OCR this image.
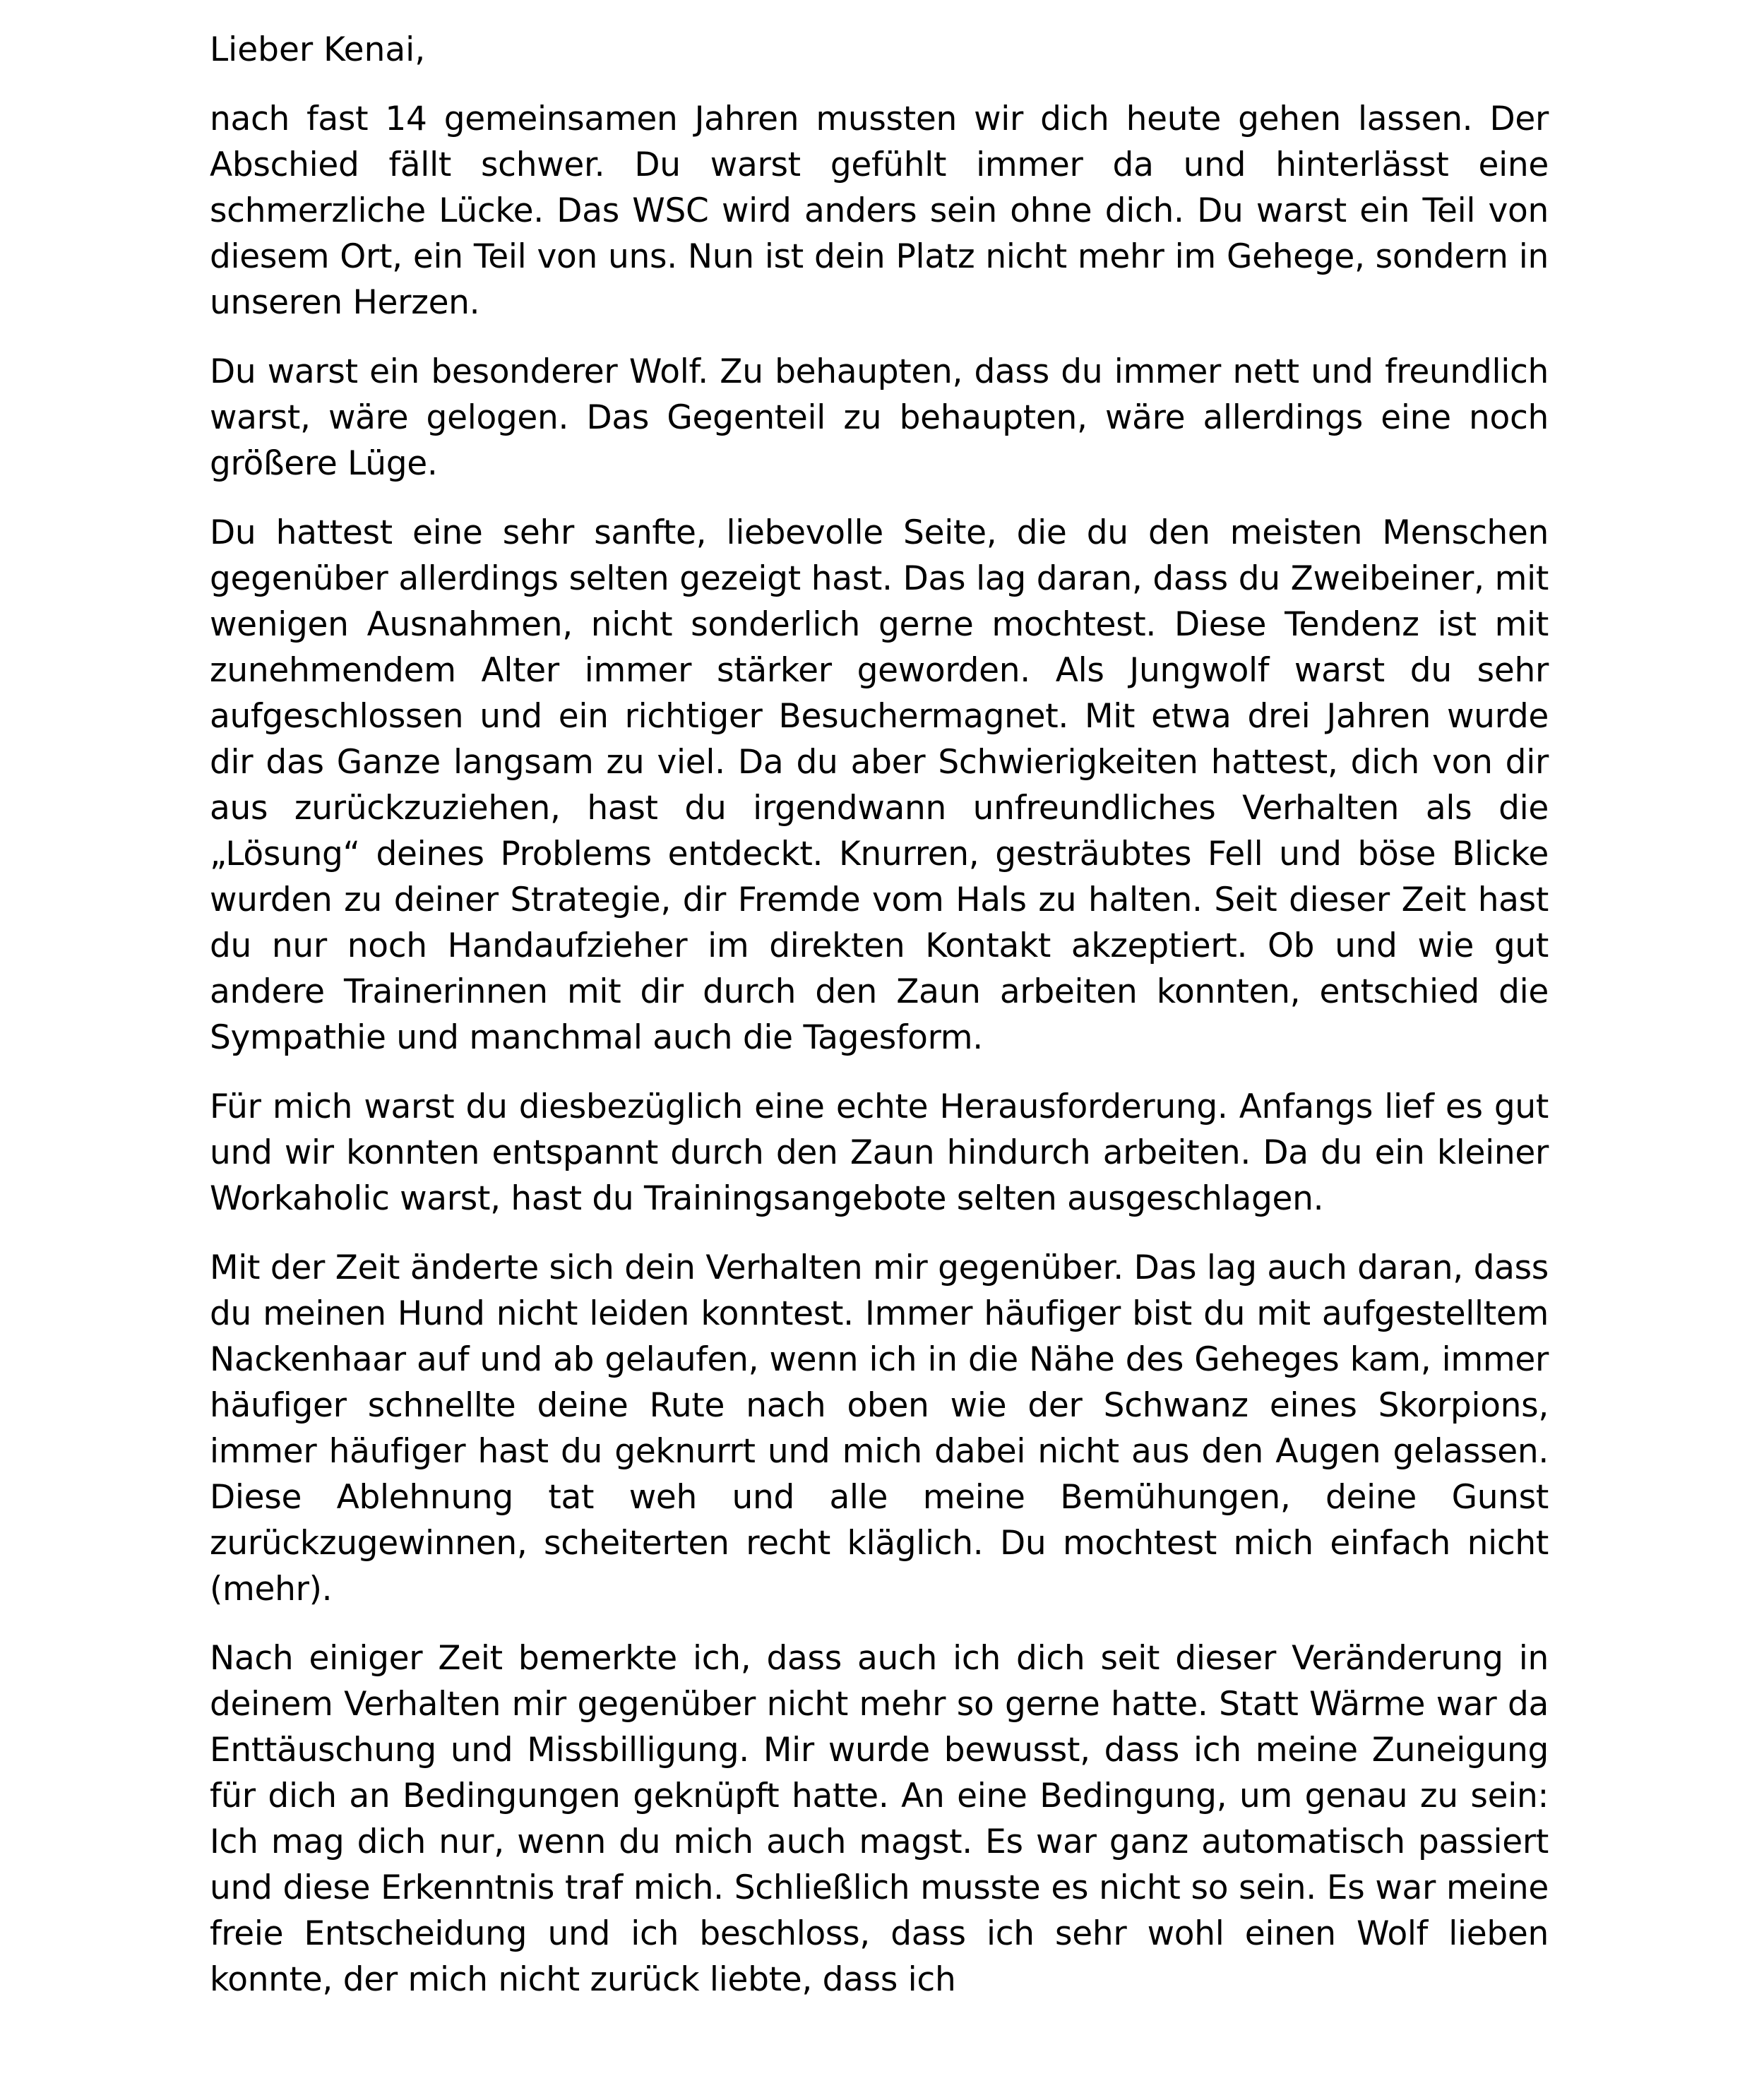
Lieber Kenai,

nach fast 14 gemeinsamen Jahren mussten wir dich heute gehen lassen. Der Abschied fällt schwer. Du warst gefühlt immer da und hinterlässt eine schmerzliche Lücke. Das WSC wird anders sein ohne dich. Du warst ein Teil von diesem Ort, ein Teil von uns. Nun ist dein Platz nicht mehr im Gehege, sondern in unseren Herzen.

Du warst ein besonderer Wolf. Zu behaupten, dass du immer nett und freundlich warst, wäre gelogen. Das Gegenteil zu behaupten, wäre allerdings eine noch größere Lüge.

Du hattest eine sehr sanfte, liebevolle Seite, die du den meisten Menschen gegenüber allerdings selten gezeigt hast. Das lag daran, dass du Zweibeiner, mit wenigen Ausnahmen, nicht sonderlich gerne mochtest. Diese Tendenz ist mit zunehmendem Alter immer stärker geworden. Als Jungwolf warst du sehr aufgeschlossen und ein richtiger Besuchermagnet. Mit etwa drei Jahren wurde dir das Ganze langsam zu viel. Da du aber Schwierigkeiten hattest, dich von dir aus zurückzuziehen, hast du irgendwann unfreundliches Verhalten als die „Lösung“ deines Problems entdeckt. Knurren, gesträubtes Fell und böse Blicke wurden zu deiner Strategie, dir Fremde vom Hals zu halten. Seit dieser Zeit hast du nur noch Handaufzieher im direkten Kontakt akzeptiert. Ob und wie gut andere Trainerinnen mit dir durch den Zaun arbeiten konnten, entschied die Sympathie und manchmal auch die Tagesform.

Für mich warst du diesbezüglich eine echte Herausforderung. Anfangs lief es gut und wir konnten entspannt durch den Zaun hindurch arbeiten. Da du ein kleiner Workaholic warst, hast du Trainingsangebote selten ausgeschlagen.

Mit der Zeit änderte sich dein Verhalten mir gegenüber. Das lag auch daran, dass du meinen Hund nicht leiden konntest. Immer häufiger bist du mit aufgestelltem Nackenhaar auf und ab gelaufen, wenn ich in die Nähe des Geheges kam, immer häufiger schnellte deine Rute nach oben wie der Schwanz eines Skorpions, immer häufiger hast du geknurrt und mich dabei nicht aus den Augen gelassen. Diese Ablehnung tat weh und alle meine Bemühungen, deine Gunst zurückzugewinnen, scheiterten recht kläglich. Du mochtest mich einfach nicht (mehr).

Nach einiger Zeit bemerkte ich, dass auch ich dich seit dieser Veränderung in deinem Verhalten mir gegenüber nicht mehr so gerne hatte. Statt Wärme war da Enttäuschung und Missbilligung. Mir wurde bewusst, dass ich meine Zuneigung für dich an Bedingungen geknüpft hatte. An eine Bedingung, um genau zu sein: Ich mag dich nur, wenn du mich auch magst. Es war ganz automatisch passiert und diese Erkenntnis traf mich. Schließlich musste es nicht so sein. Es war meine freie Entscheidung und ich beschloss, dass ich sehr wohl einen Wolf lieben konnte, der mich nicht zurück liebte, dass ich
